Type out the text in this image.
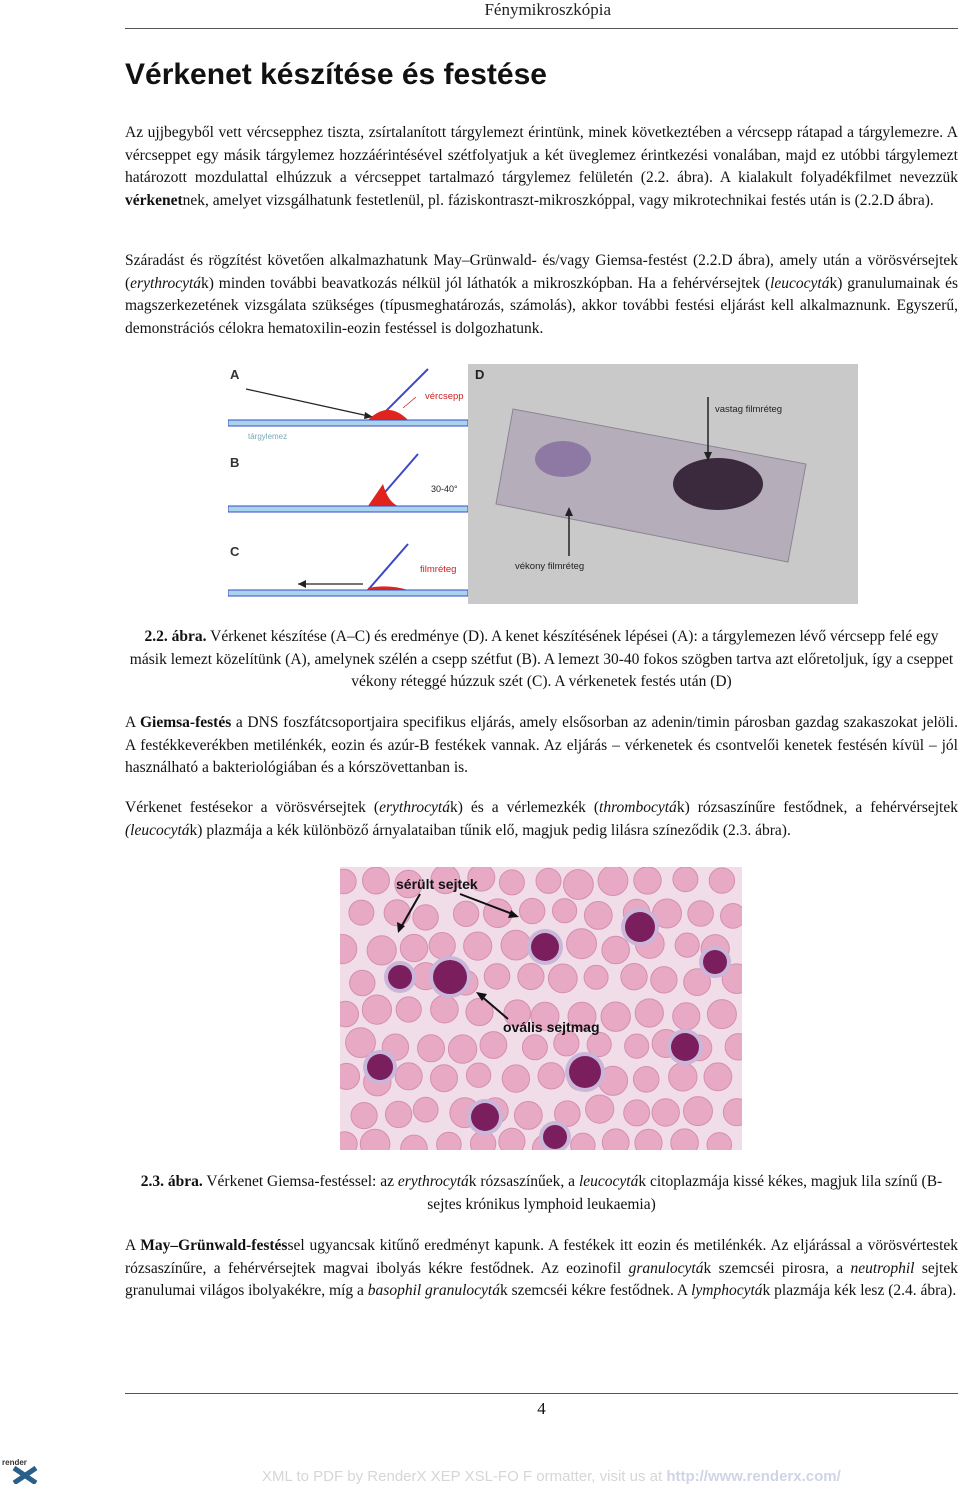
Fénymikroszkópia
Vérkenet készítése és festése

Az ujjbegyből vett vércsepphez tiszta, zsírtalanított tárgylemezt érintünk, minek következtében a vércsepp rátapad a tárgylemezre. A vércseppet egy másik tárgylemez hozzáérintésével szétfolyatjuk a két üveglemez érintkezési vonalában, majd ez utóbbi tárgylemezt határozott mozdulattal elhúzzuk a vércseppet tartalmazó tárgylemez felületén (2.2. ábra). A kialakult folyadékfilmet nevezzük vérkenetnek, amelyet vizsgálhatunk festetlenül, pl. fáziskontraszt-mikroszkóppal, vagy mikrotechnikai festés után is (2.2.D ábra).

Száradást és rögzítést követően alkalmazhatunk May–Grünwald- és/vagy Giemsa-festést (2.2.D ábra), amely után a vörösvérsejtek (erythrocyták) minden további beavatkozás nélkül jól láthatók a mikroszkópban. Ha a fehérvérsejtek (leucocyták) granulumainak és magszerkezetének vizsgálata szükséges (típusmeghatározás, számolás), akkor további festési eljárást kell alkalmaznunk. Egyszerű, demonstrációs célokra hematoxilin-eozin festéssel is dolgozhatunk.

A
vércsepp
tárgylemez
B
30-40°
C
filmréteg
D
vastag filmréteg
vékony filmréteg

2.2. ábra. Vérkenet készítése (A–C) és eredménye (D). A kenet készítésének lépései (A): a tárgylemezen lévő vércsepp felé egy másik lemezt közelítünk (A), amelynek szélén a csepp szétfut (B). A lemezt 30-40 fokos szögben tartva azt előretoljuk, így a cseppet vékony réteggé húzzuk szét (C). A vérkenetek festés után (D)

A Giemsa-festés a DNS foszfátcsoportjaira specifikus eljárás, amely elsősorban az adenin/timin párosban gazdag szakaszokat jelöli. A festékkeverékben metilénkék, eozin és azúr-B festékek vannak. Az eljárás – vérkenetek és csontvelői kenetek festésén kívül – jól használható a bakteriológiában és a kórszövettanban is.

Vérkenet festésekor a vörösvérsejtek (erythrocyták) és a vérlemezkék (thrombocyták) rózsaszínűre festődnek, a fehérvérsejtek (leucocyták) plazmája a kék különböző árnyalataiban tűnik elő, magjuk pedig lilásra színeződik (2.3. ábra).

sérült sejtek
ovális sejtmag

2.3. ábra. Vérkenet Giemsa-festéssel: az erythrocyták rózsaszínűek, a leucocyták citoplazmája kissé kékes, magjuk lila színű (B-sejtes krónikus lymphoid leukaemia)

A May–Grünwald-festéssel ugyancsak kitűnő eredményt kapunk. A festékek itt eozin és metilénkék. Az eljárással a vörösvértestek rózsaszínűre, a fehérvérsejtek magvai ibolyás kékre festődnek. Az eozinofil granulocyták szemcséi pirosra, a neutrophil sejtek granulumai világos ibolyakékre, míg a basophil granulocyták szemcséi kékre festődnek. A lymphocyták plazmája kék lesz (2.4. ábra).

4
render
XML to PDF by RenderX XEP XSL-FO F ormatter, visit us at http://www.renderx.com/
